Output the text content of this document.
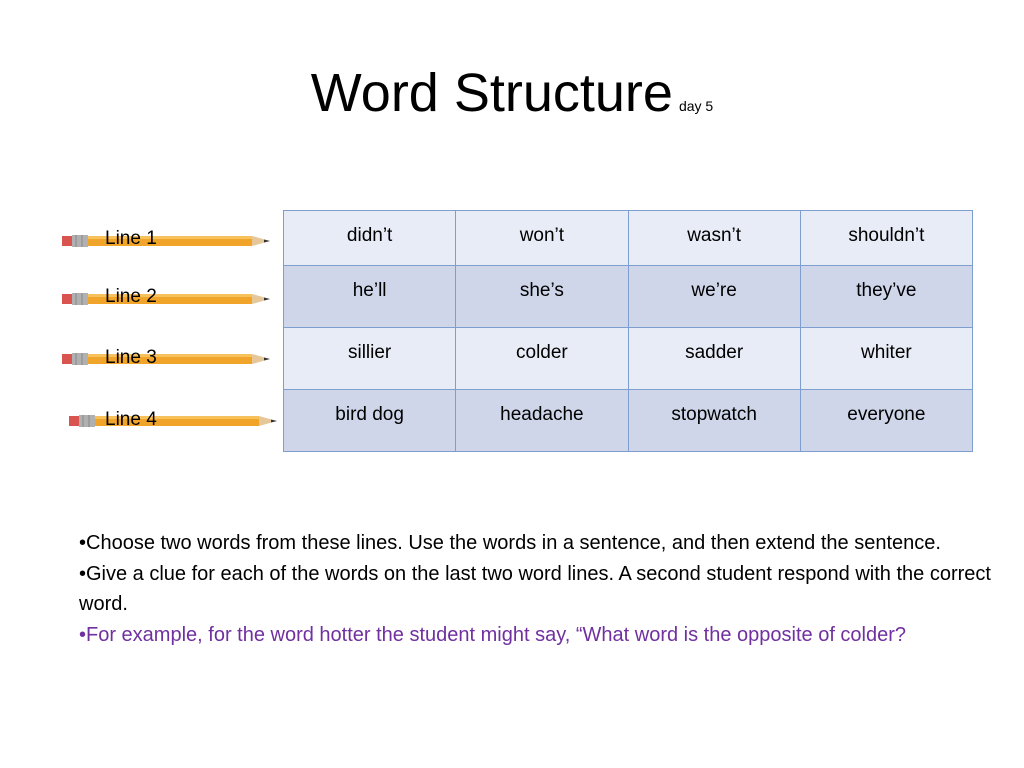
Word Structure day 5
Line 1
Line 2
Line 3
Line 4
didn’t	won’t	wasn’t	shouldn’t
he’ll	she’s	we’re	they’ve
sillier	colder	sadder	whiter
bird dog	headache	stopwatch	everyone

•Choose two words from these lines. Use the words in a sentence, and then extend the sentence.

•Give a clue for each of the words on the last two word lines. A second student respond with the correct word.

•For example, for the word hotter the student might say, “What word is the opposite of colder?
